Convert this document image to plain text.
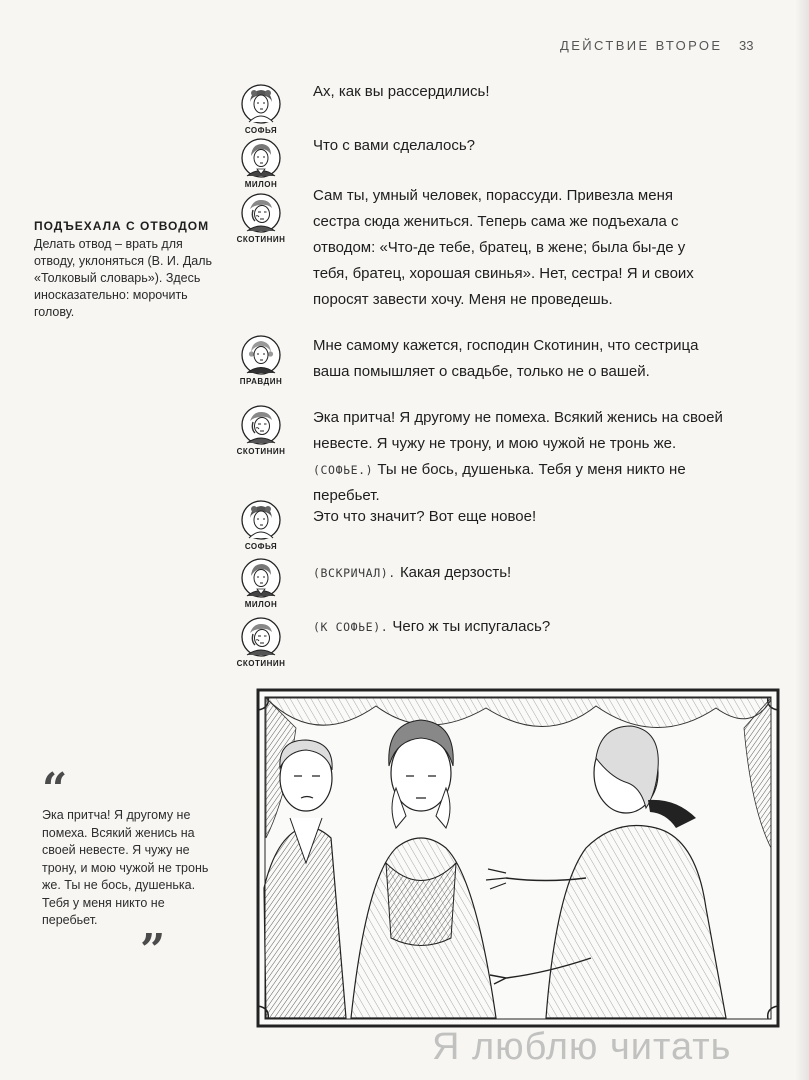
ДЕЙСТВИЕ ВТОРОЕ 33
ПОДЪЕХАЛА С ОТВОДОМ
Делать отвод – врать для отводу, уклоняться (В. И. Даль «Толковый словарь»). Здесь иносказательно: морочить голову.
СОФЬЯ
МИЛОН
СКОТИНИН
ПРАВДИН
СКОТИНИН
СОФЬЯ
МИЛОН
СКОТИНИН
Ах, как вы рассердились!
Что с вами сделалось?
Сам ты, умный человек, порассуди. Привезла меня сестра сюда жениться. Теперь сама же подъехала с отводом: «Что-де тебе, братец, в жене; была бы-де у тебя, братец, хорошая свинья». Нет, сестра! Я и своих поросят завести хочу. Меня не проведешь.
Мне самому кажется, господин Скотинин, что сестрица ваша помышляет о свадьбе, только не о вашей.
Эка притча! Я другому не помеха. Всякий женись на своей невесте. Я чужу не трону, и мою чужой не тронь же. (СОФЬЕ.) Ты не бось, душенька. Тебя у меня никто не перебьет.
Это что значит? Вот еще новое!
(ВСКРИЧАЛ). Какая дерзость!
(К СОФЬЕ). Чего ж ты испугалась?
“
Эка притча! Я другому не помеха. Всякий женись на своей невесте. Я чужу не трону, и мою чужой не тронь же. Ты не бось, душенька. Тебя у меня никто не перебьет.
”
Я люблю читать
